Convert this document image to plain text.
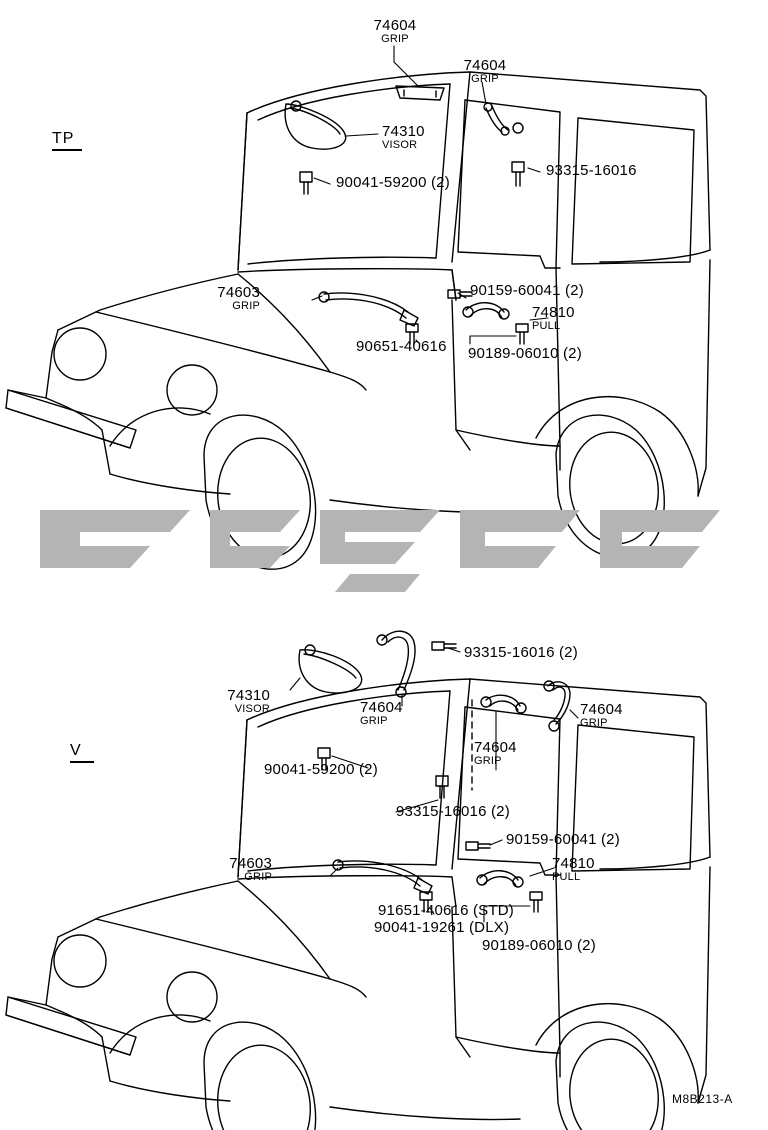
TP
V
74604
GRIP
74604
GRIP
74310
VISOR
93315-16016
90041-59200 (2)
74603
GRIP
90159-60041 (2)
74810
PULL
90651-40616 90189-06010 (2)
93315-16016 (2)
74310
VISOR	74604
GRIP
74604
GRIP
74604
GRIP
90041-59200 (2)
93315-16016 (2)
74603
GRIP
90159-60041 (2)
74810
PULL
91651-40616 (STD)
90041-19261 (DLX)
90189-06010 (2)
M8B213-A
